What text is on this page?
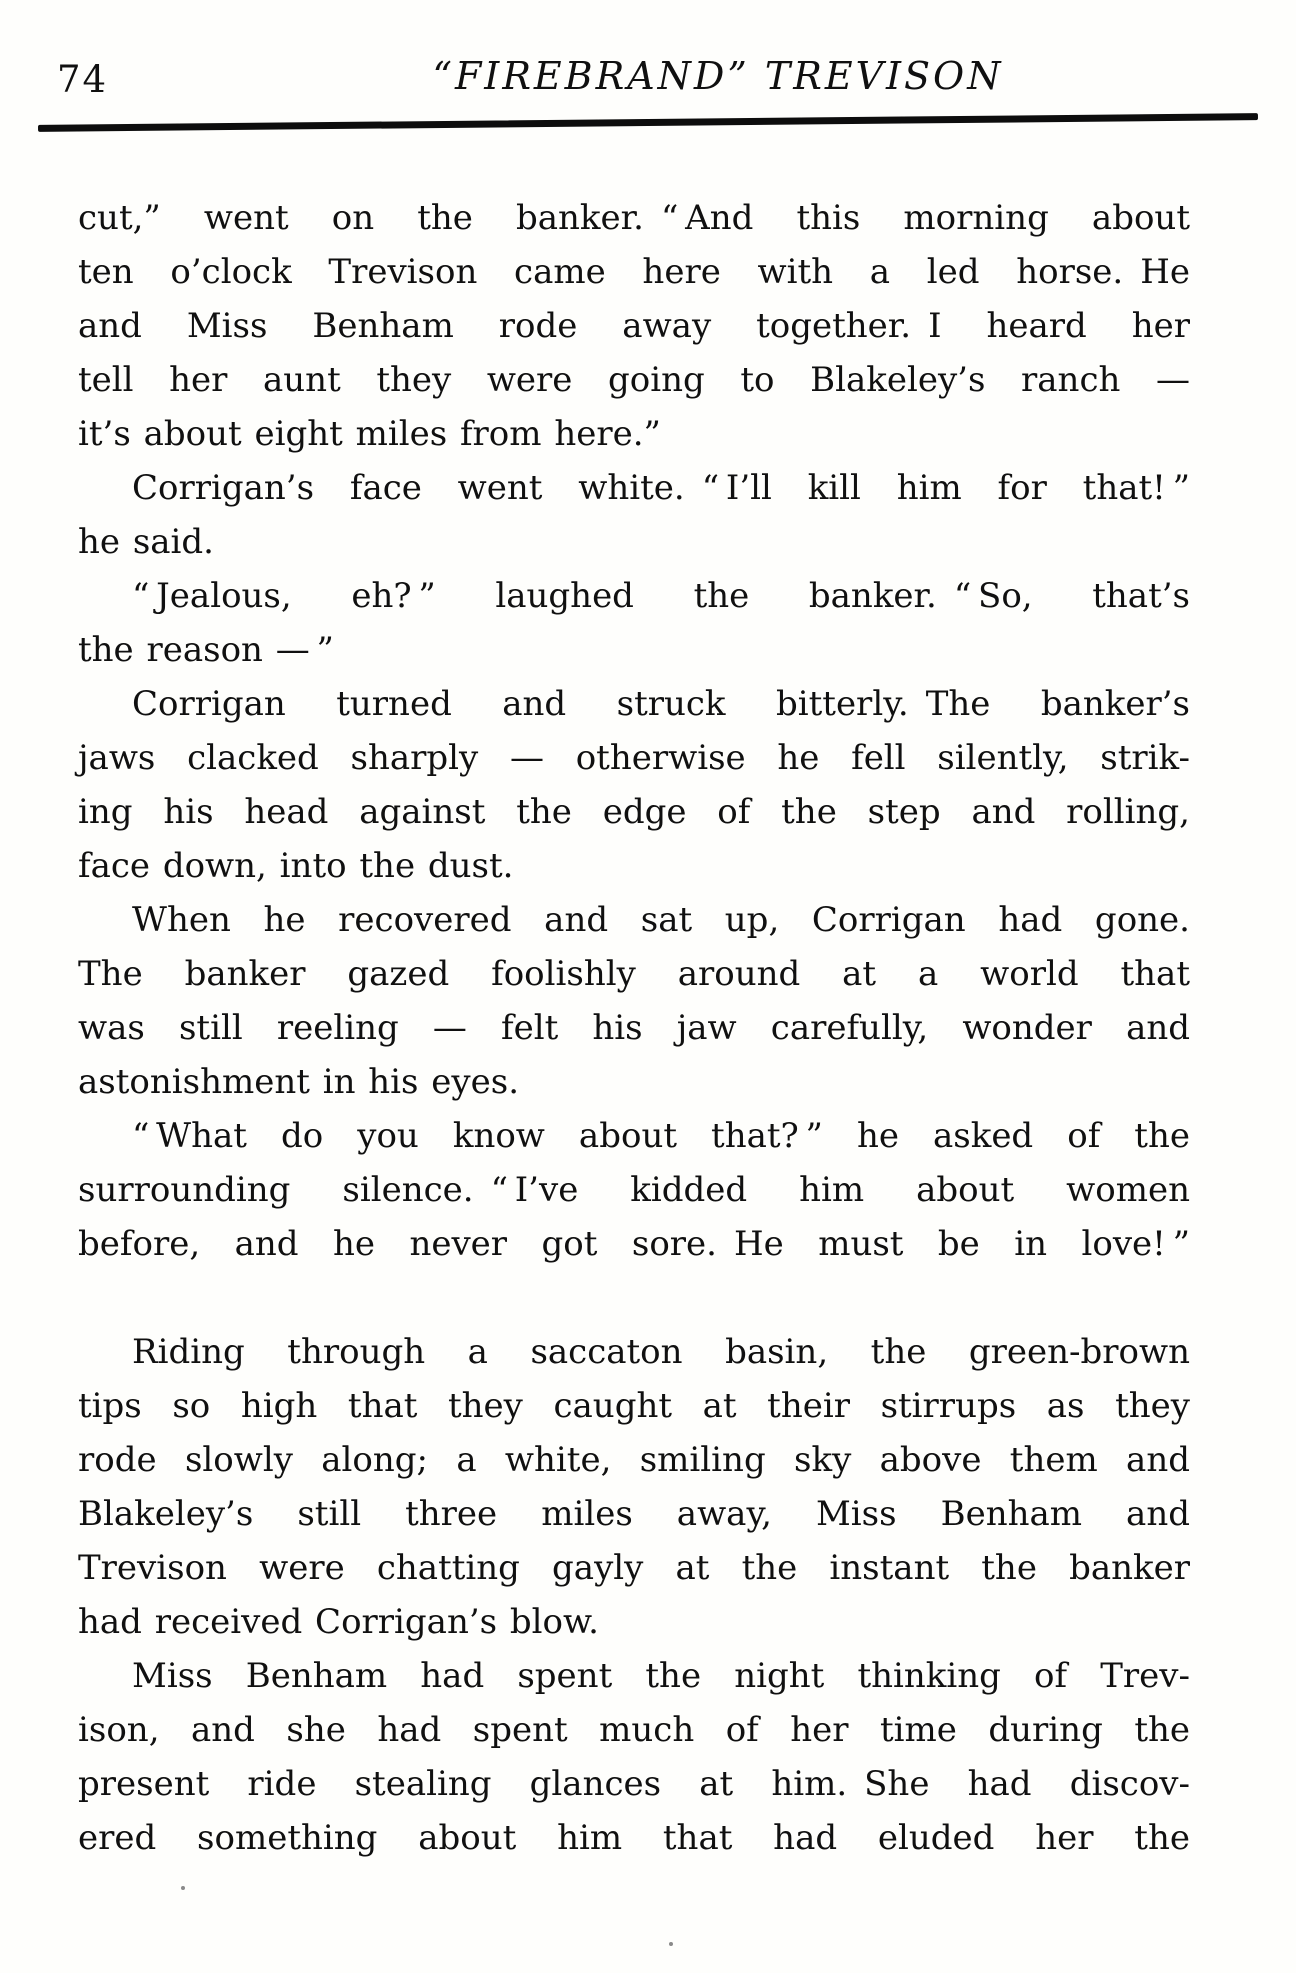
74	“FIREBRAND” TREVISON
cut,” went on the banker. “ And this morning about
ten o’clock Trevison came here with a led horse. He
and Miss Benham rode away together. I heard her
tell her aunt they were going to Blakeley’s ranch —
it’s about eight miles from here.”
Corrigan’s face went white. “ I’ll kill him for that! ”
he said.
“ Jealous, eh? ” laughed the banker. “ So, that’s
the reason — ”
Corrigan turned and struck bitterly. The banker’s
jaws clacked sharply — otherwise he fell silently, strik-
ing his head against the edge of the step and rolling,
face down, into the dust.
When he recovered and sat up, Corrigan had gone.
The banker gazed foolishly around at a world that
was still reeling — felt his jaw carefully, wonder and
astonishment in his eyes.
“ What do you know about that? ” he asked of the
surrounding silence. “ I’ve kidded him about women
before, and he never got sore. He must be in love! ”
Riding through a saccaton basin, the green-brown
tips so high that they caught at their stirrups as they
rode slowly along; a white, smiling sky above them and
Blakeley’s still three miles away, Miss Benham and
Trevison were chatting gayly at the instant the banker
had received Corrigan’s blow.
Miss Benham had spent the night thinking of Trev-
ison, and she had spent much of her time during the
present ride stealing glances at him. She had discov-
ered something about him that had eluded her the
